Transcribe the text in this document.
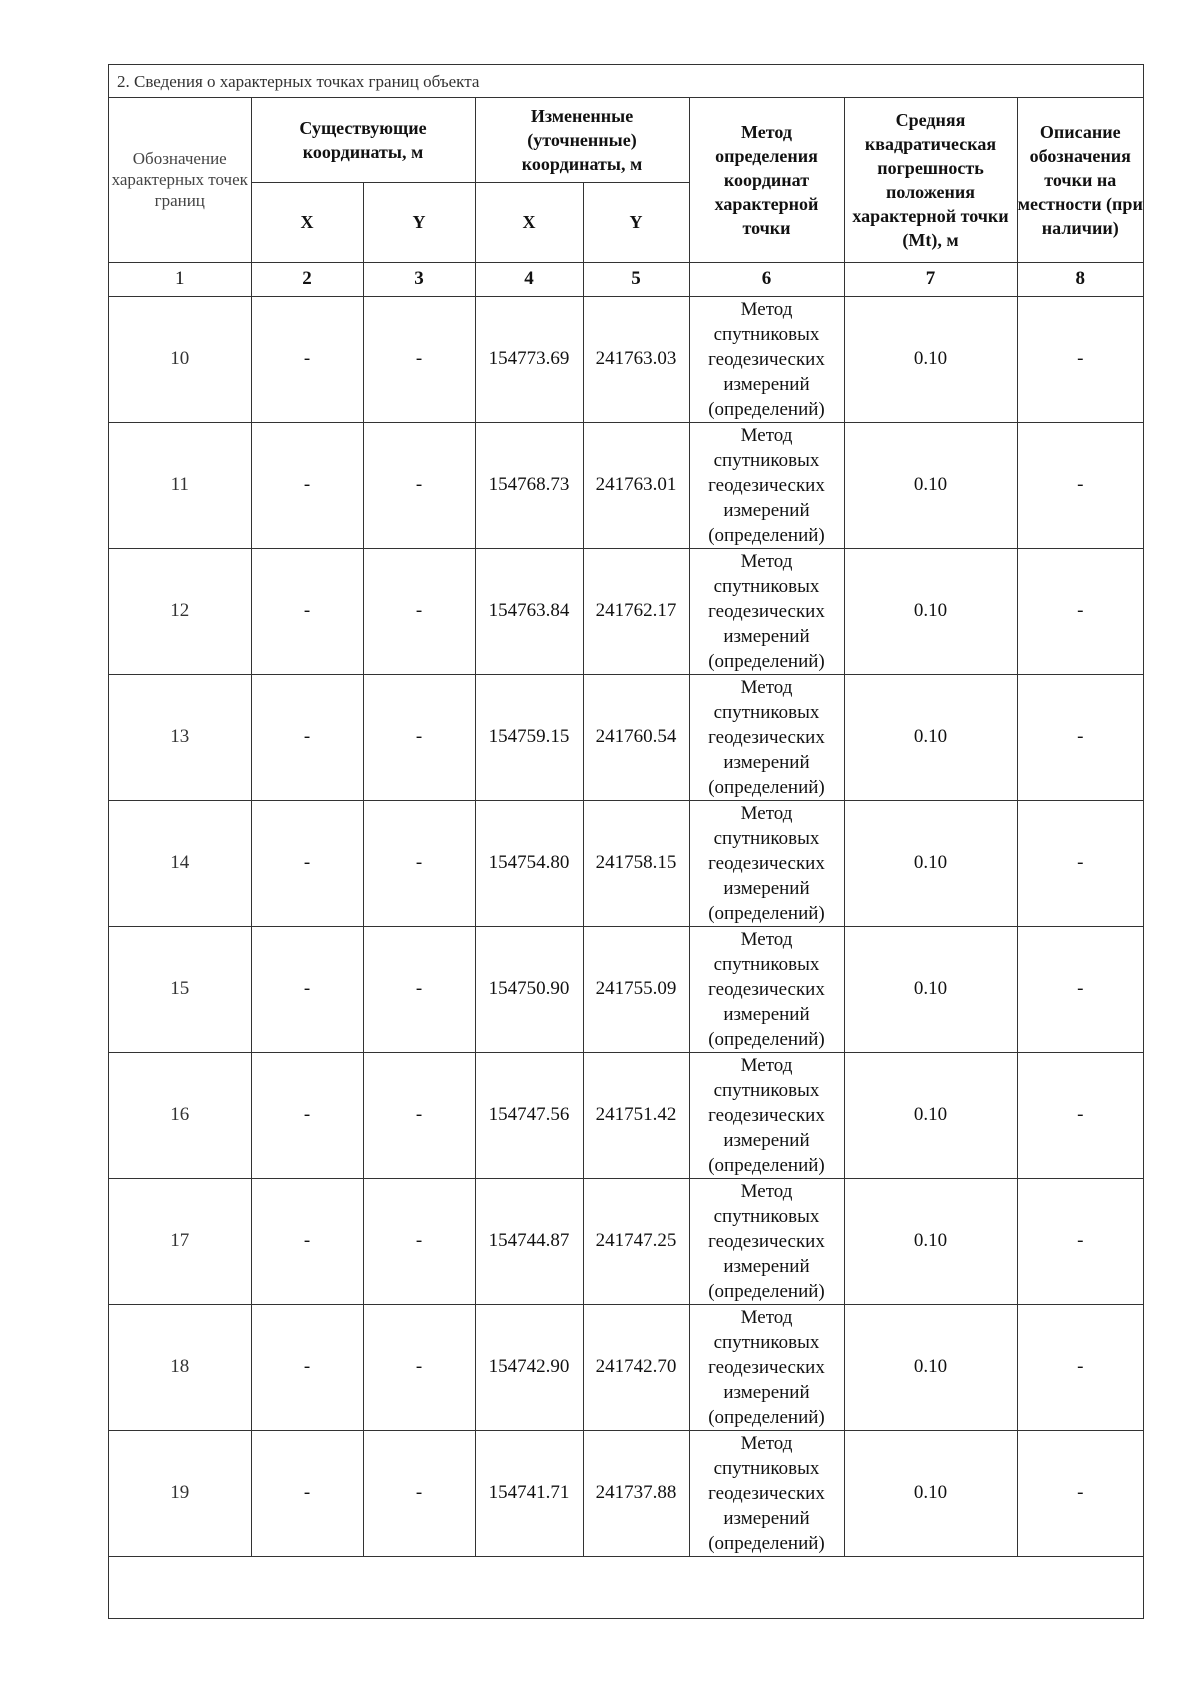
2. Сведения о характерных точках границ объекта
Обозначение характерных точек границ	Существующие координаты, м		Измененные (уточненные) координаты, м		Метод определения координат характерной точки	Средняя квадратическая погрешность положения характерной точки (Mt), м	Описание обозначения точки на местности (при наличии)
	X	Y	X	Y			
1	2	3	4	5	6	7	8
10	-	-	154773.69	241763.03	Метод спутниковых геодезических измерений (определений)	0.10	-
11	-	-	154768.73	241763.01	Метод спутниковых геодезических измерений (определений)	0.10	-
12	-	-	154763.84	241762.17	Метод спутниковых геодезических измерений (определений)	0.10	-
13	-	-	154759.15	241760.54	Метод спутниковых геодезических измерений (определений)	0.10	-
14	-	-	154754.80	241758.15	Метод спутниковых геодезических измерений (определений)	0.10	-
15	-	-	154750.90	241755.09	Метод спутниковых геодезических измерений (определений)	0.10	-
16	-	-	154747.56	241751.42	Метод спутниковых геодезических измерений (определений)	0.10	-
17	-	-	154744.87	241747.25	Метод спутниковых геодезических измерений (определений)	0.10	-
18	-	-	154742.90	241742.70	Метод спутниковых геодезических измерений (определений)	0.10	-
19	-	-	154741.71	241737.88	Метод спутниковых геодезических измерений (определений)	0.10	-
